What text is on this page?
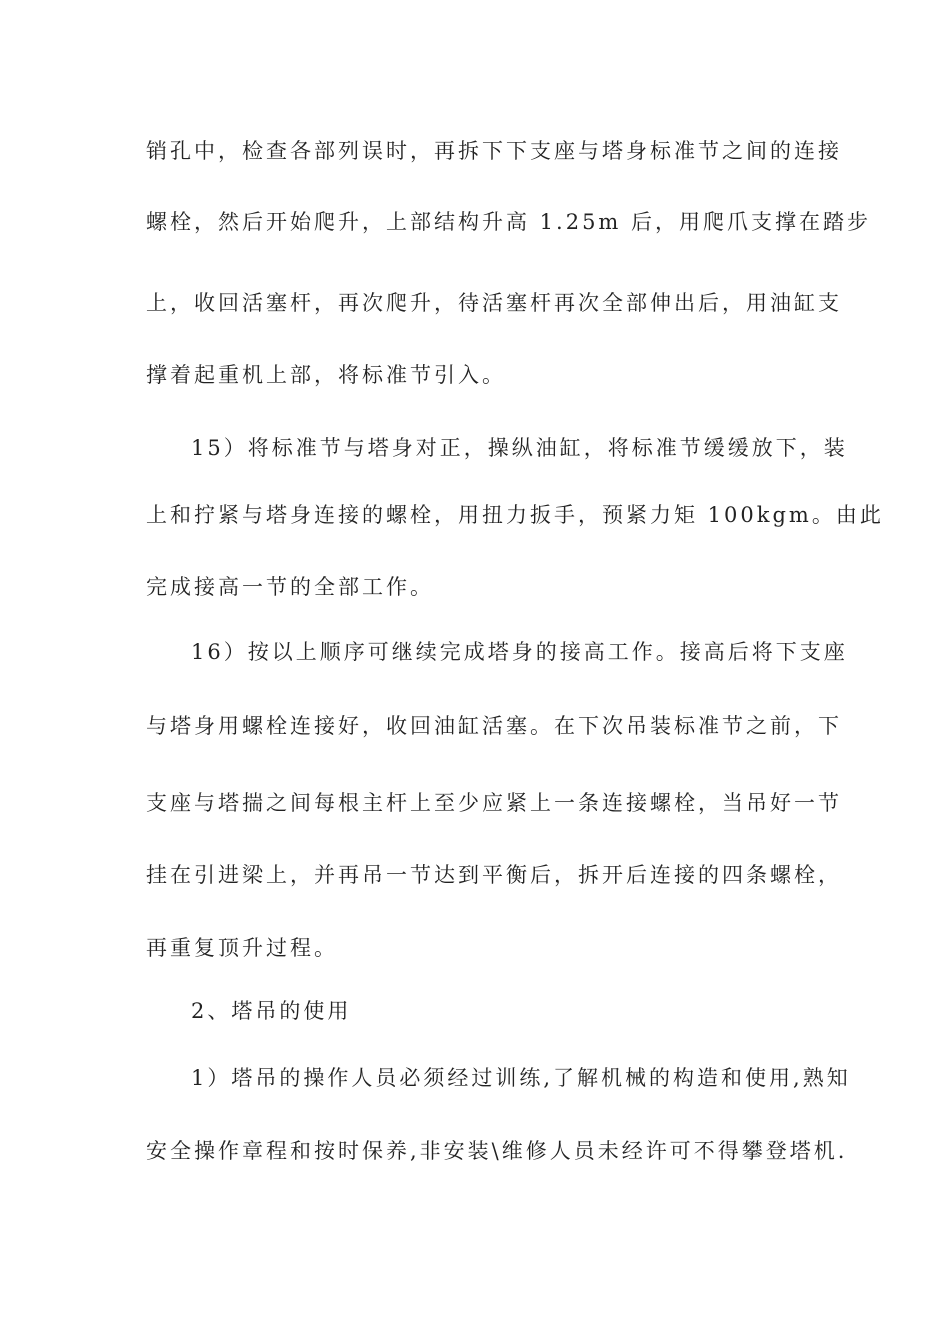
销孔中，检查各部列误时，再拆下下支座与塔身标准节之间的连接
螺栓，然后开始爬升，上部结构升高 1.25m 后，用爬爪支撑在踏步
上，收回活塞杆，再次爬升，待活塞杆再次全部伸出后，用油缸支
撑着起重机上部，将标准节引入。
15）将标准节与塔身对正，操纵油缸，将标准节缓缓放下，装
上和拧紧与塔身连接的螺栓，用扭力扳手，预紧力矩 100kgm。由此
完成接高一节的全部工作。
16）按以上顺序可继续完成塔身的接高工作。接高后将下支座
与塔身用螺栓连接好，收回油缸活塞。在下次吊装标准节之前，下
支座与塔揣之间每根主杆上至少应紧上一条连接螺栓，当吊好一节
挂在引进梁上，并再吊一节达到平衡后，拆开后连接的四条螺栓，
再重复顶升过程。
2、塔吊的使用
1）塔吊的操作人员必须经过训练,了解机械的构造和使用,熟知
安全操作章程和按时保养,非安装\维修人员未经许可不得攀登塔机.
